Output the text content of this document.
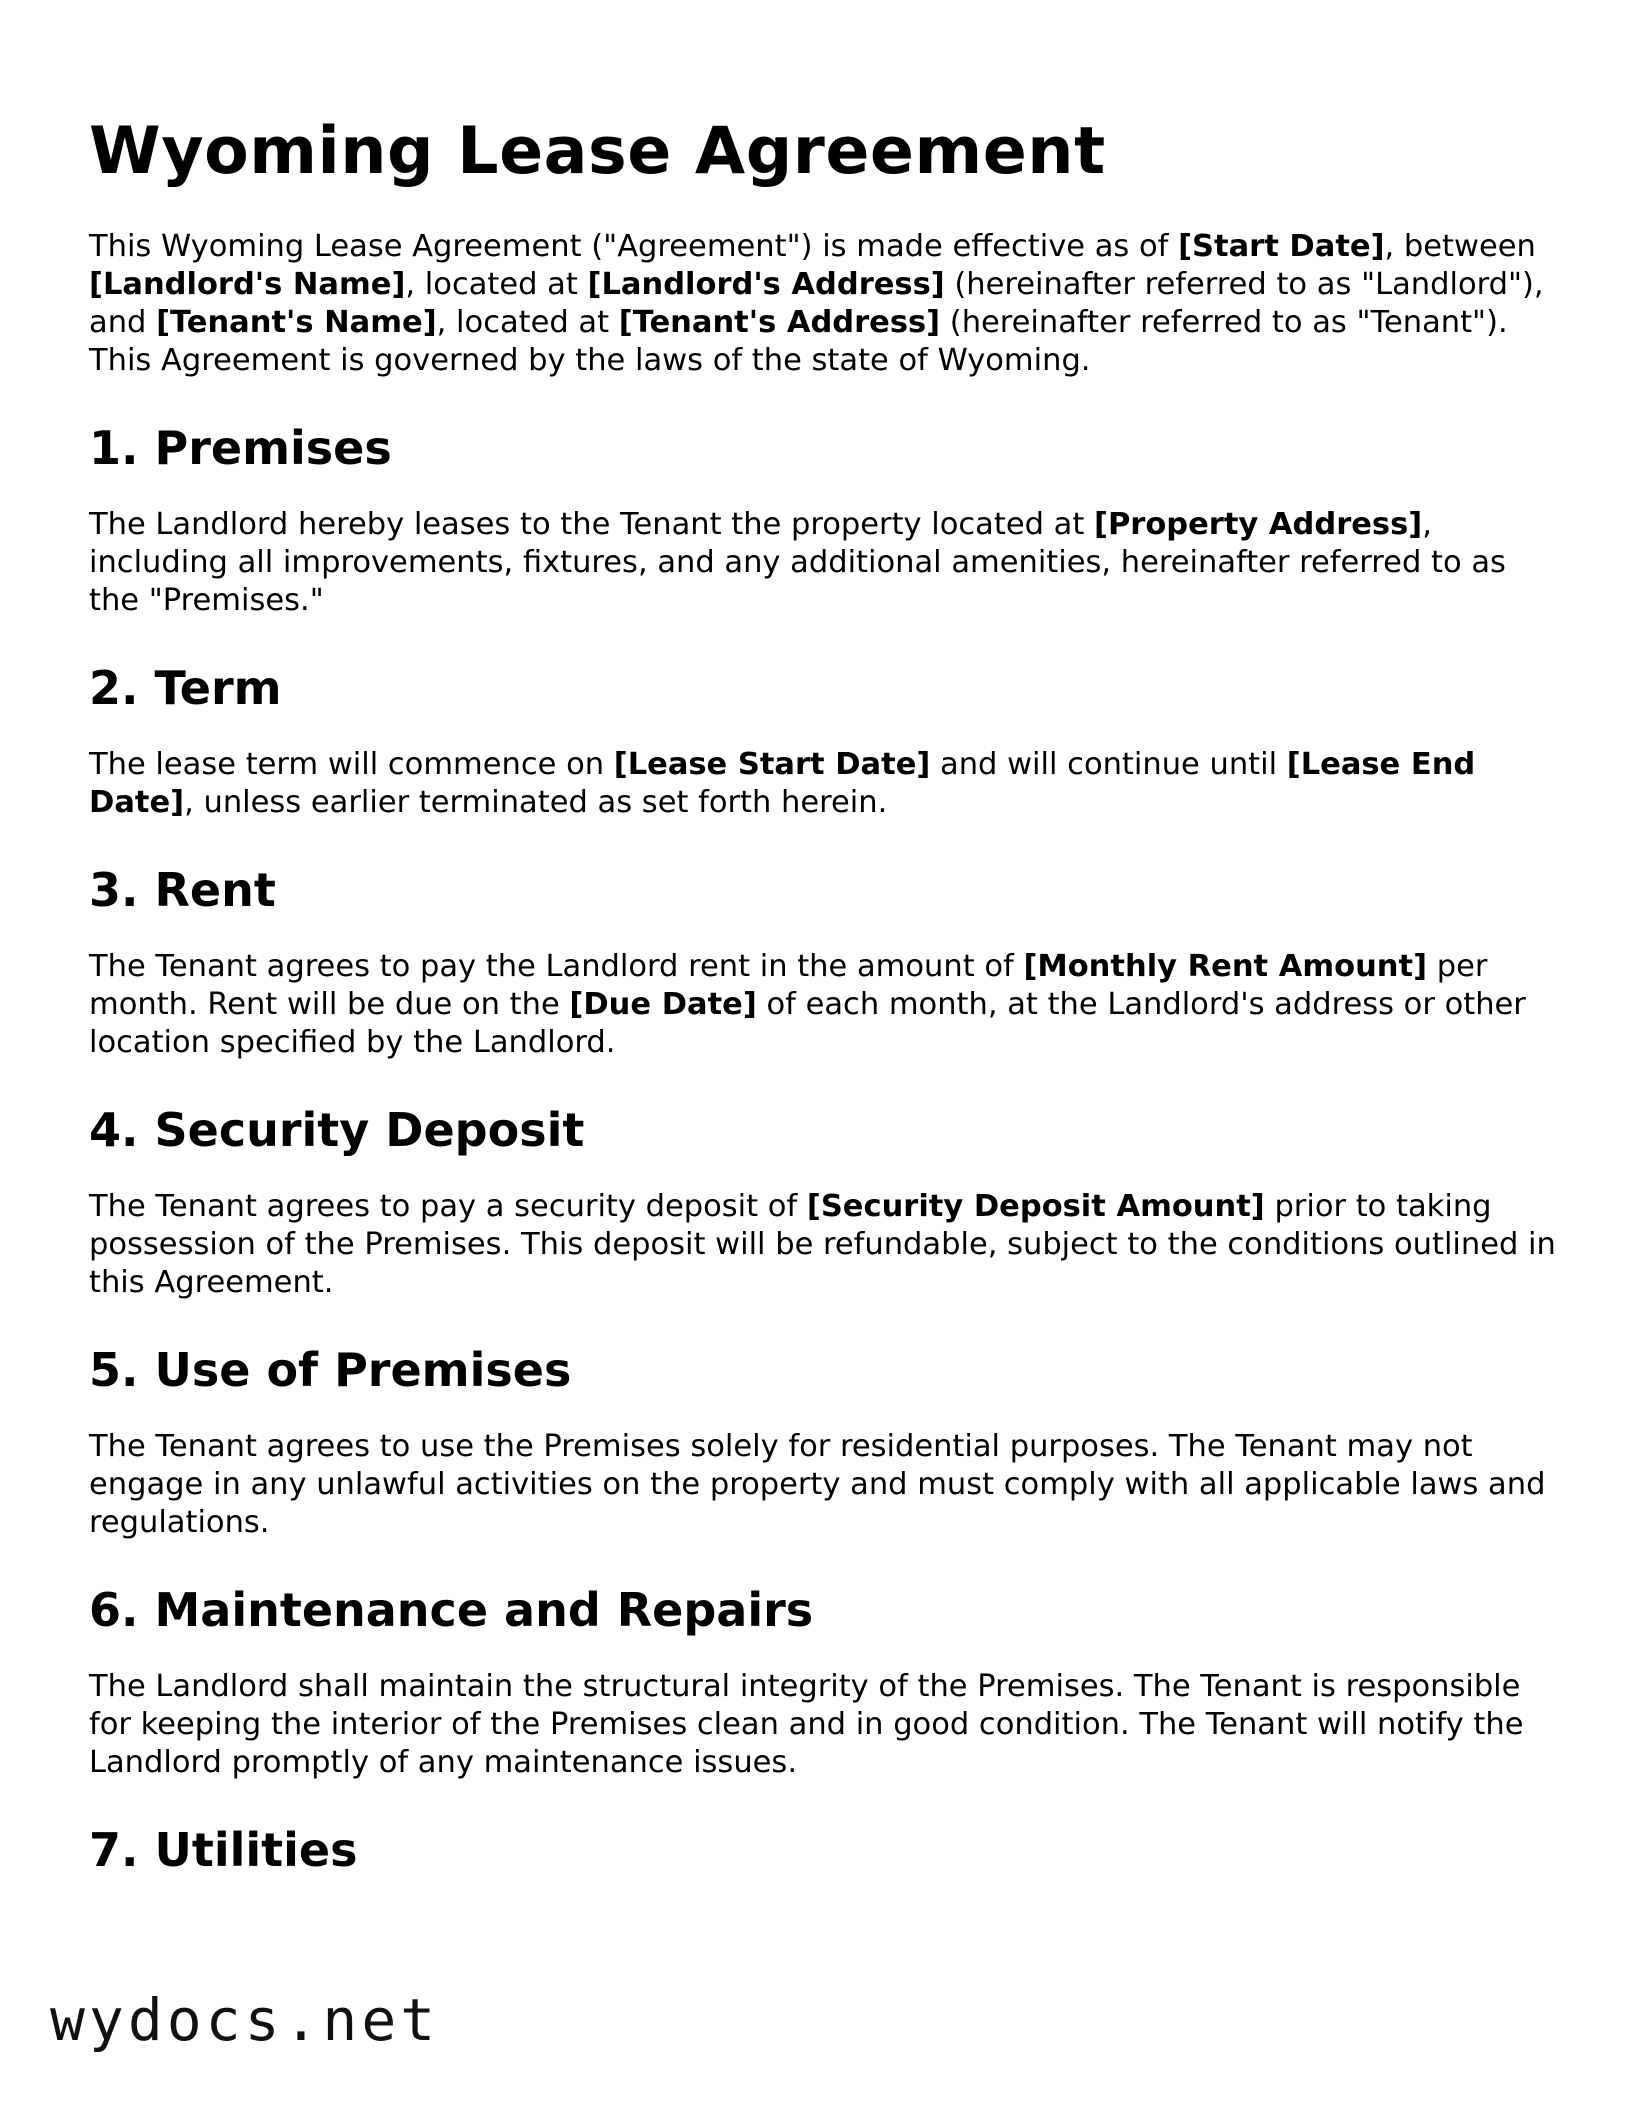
Wyoming Lease Agreement

This Wyoming Lease Agreement ("Agreement") is made effective as of [Start Date], between [Landlord's Name], located at [Landlord's Address] (hereinafter referred to as "Landlord"), and [Tenant's Name], located at [Tenant's Address] (hereinafter referred to as "Tenant"). This Agreement is governed by the laws of the state of Wyoming.

1. Premises

The Landlord hereby leases to the Tenant the property located at [Property Address], including all improvements, fixtures, and any additional amenities, hereinafter referred to as the "Premises."

2. Term

The lease term will commence on [Lease Start Date] and will continue until [Lease End Date], unless earlier terminated as set forth herein.

3. Rent

The Tenant agrees to pay the Landlord rent in the amount of [Monthly Rent Amount] per month. Rent will be due on the [Due Date] of each month, at the Landlord's address or other location specified by the Landlord.

4. Security Deposit

The Tenant agrees to pay a security deposit of [Security Deposit Amount] prior to taking possession of the Premises. This deposit will be refundable, subject to the conditions outlined in this Agreement.

5. Use of Premises

The Tenant agrees to use the Premises solely for residential purposes. The Tenant may not engage in any unlawful activities on the property and must comply with all applicable laws and regulations.

6. Maintenance and Repairs

The Landlord shall maintain the structural integrity of the Premises. The Tenant is responsible for keeping the interior of the Premises clean and in good condition. The Tenant will notify the Landlord promptly of any maintenance issues.

7. Utilities
wydocs.net
